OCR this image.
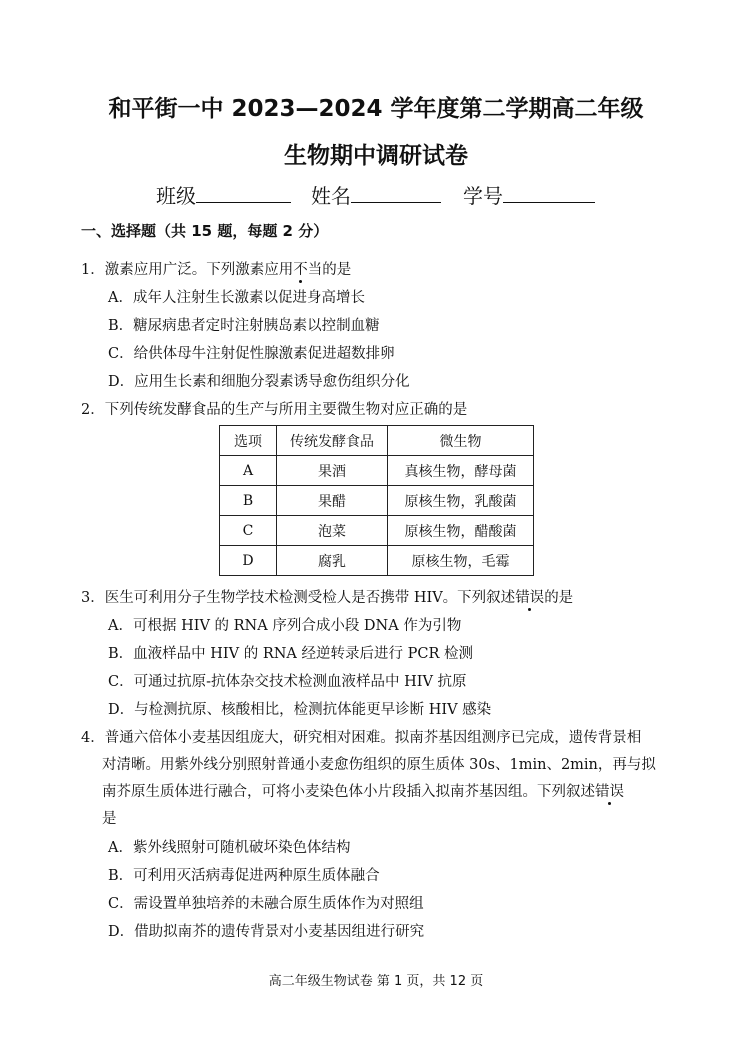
和平街一中 2023—2024 学年度第二学期高二年级
生物期中调研试卷
班级	姓名	学号
一、选择题（共 15 题，每题 2 分）
1．激素应用广泛。下列激素应用不当的是
A．成年人注射生长激素以促进身高增长
B．糖尿病患者定时注射胰岛素以控制血糖
C．给供体母牛注射促性腺激素促进超数排卵
D．应用生长素和细胞分裂素诱导愈伤组织分化
2．下列传统发酵食品的生产与所用主要微生物对应正确的是
选项	传统发酵食品	微生物
A	果酒	真核生物，酵母菌
B	果醋	原核生物，乳酸菌
C	泡菜	原核生物，醋酸菌
D	腐乳	原核生物，毛霉
3．医生可利用分子生物学技术检测受检人是否携带 HIV。下列叙述错误的是
A．可根据 HIV 的 RNA 序列合成小段 DNA 作为引物
B．血液样品中 HIV 的 RNA 经逆转录后进行 PCR 检测
C．可通过抗原-抗体杂交技术检测血液样品中 HIV 抗原
D．与检测抗原、核酸相比，检测抗体能更早诊断 HIV 感染
4．普通六倍体小麦基因组庞大，研究相对困难。拟南芥基因组测序已完成，遗传背景相
对清晰。用紫外线分别照射普通小麦愈伤组织的原生质体 30s、1min、2min，再与拟
南芥原生质体进行融合，可将小麦染色体小片段插入拟南芥基因组。下列叙述错误
是
A．紫外线照射可随机破坏染色体结构
B．可利用灭活病毒促进两种原生质体融合
C．需设置单独培养的未融合原生质体作为对照组
D．借助拟南芥的遗传背景对小麦基因组进行研究
高二年级生物试卷 第 1 页，共 12 页
